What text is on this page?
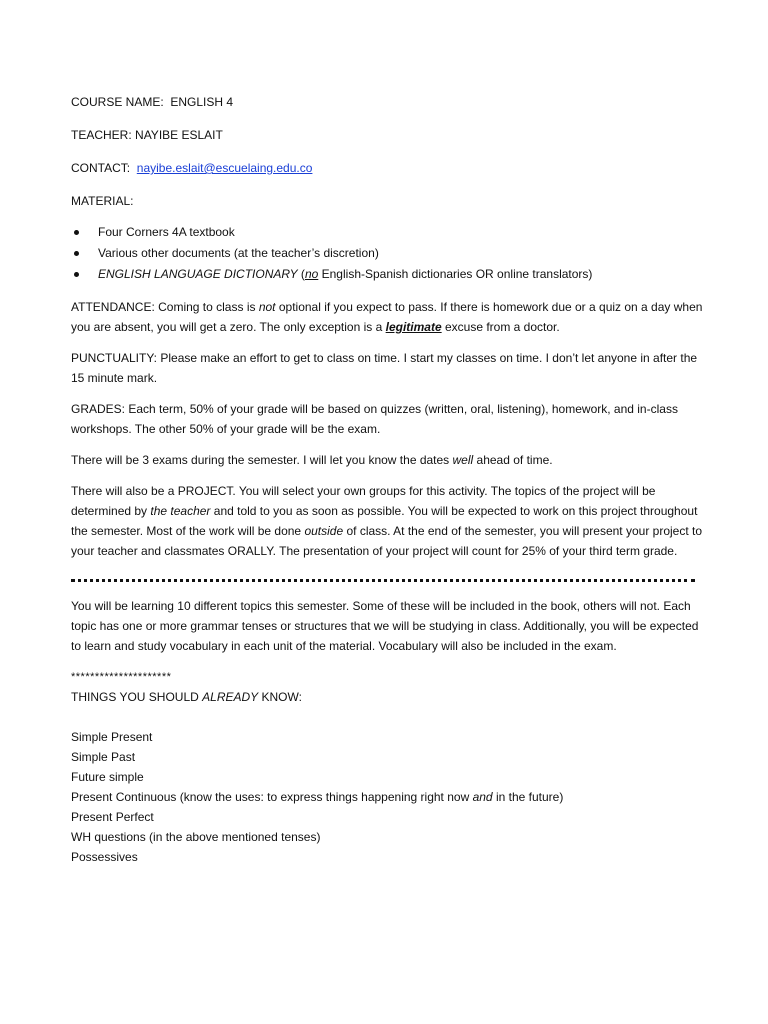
COURSE NAME: ENGLISH 4

TEACHER: NAYIBE ESLAIT

CONTACT: nayibe.eslait@escuelaing.edu.co

MATERIAL:

Four Corners 4A textbook
Various other documents (at the teacher’s discretion)
ENGLISH LANGUAGE DICTIONARY (no English-Spanish dictionaries OR online translators)

ATTENDANCE: Coming to class is not optional if you expect to pass. If there is homework due or a quiz on a day when you are absent, you will get a zero. The only exception is a legitimate excuse from a doctor.

PUNCTUALITY: Please make an effort to get to class on time. I start my classes on time. I don’t let anyone in after the 15 minute mark.

GRADES: Each term, 50% of your grade will be based on quizzes (written, oral, listening), homework, and in-class workshops. The other 50% of your grade will be the exam.

There will be 3 exams during the semester. I will let you know the dates well ahead of time.

There will also be a PROJECT. You will select your own groups for this activity. The topics of the project will be determined by the teacher and told to you as soon as possible. You will be expected to work on this project throughout the semester. Most of the work will be done outside of class. At the end of the semester, you will present your project to your teacher and classmates ORALLY. The presentation of your project will count for 25% of your third term grade.

You will be learning 10 different topics this semester. Some of these will be included in the book, others will not. Each topic has one or more grammar tenses or structures that we will be studying in class. Additionally, you will be expected to learn and study vocabulary in each unit of the material. Vocabulary will also be included in the exam.

*********************

THINGS YOU SHOULD ALREADY KNOW:

Simple Present

Simple Past

Future simple

Present Continuous (know the uses: to express things happening right now and in the future)

Present Perfect

WH questions (in the above mentioned tenses)

Possessives
